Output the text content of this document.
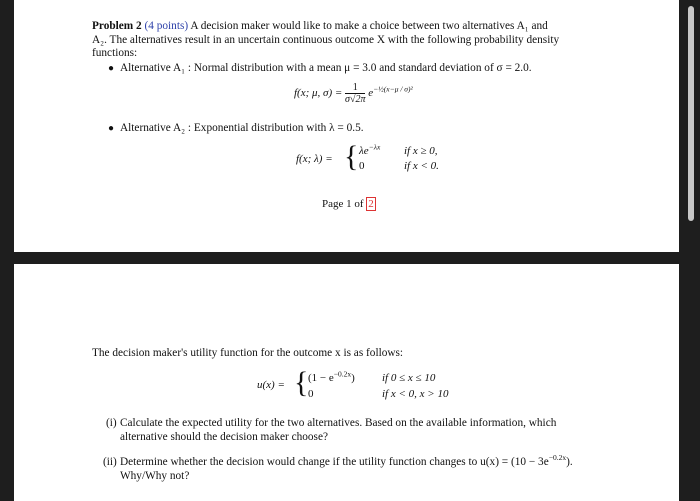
Problem 2 (4 points) A decision maker would like to make a choice between two alternatives A₁ and
A₂. The alternatives result in an uncertain continuous outcome X with the following probability density
functions:
● Alternative A₁ : Normal distribution with a mean μ = 3.0 and standard deviation of σ = 2.0.
f(x; μ, $\sigma) = \frac{1}{\sigma√2\pi} e^{-\frac{1}{2}(x-\mu / \sigma)^2}$
● Alternative A₂ : Exponential distribution with λ = 0.5.
f(x; λ) = { $\lambda e^{-\lambda x}$ if x ≥ 0,
0	if x < 0.
Page 1 of 2
The decision maker's utility function for the outcome x is as follows:
u(x) = { $(1 - e^{-0.2x})$ if 0 ≤ x ≤ 10
0	if x < 0, x > 10
(i) Calculate the expected utility for the two alternatives. Based on the available information, which
alternative should the decision maker choose?
(ii) Determine whether the decision would change if the utility function changes to $u(x) = (10 - 3e^{-0.2x})$.
Why/Why not?
